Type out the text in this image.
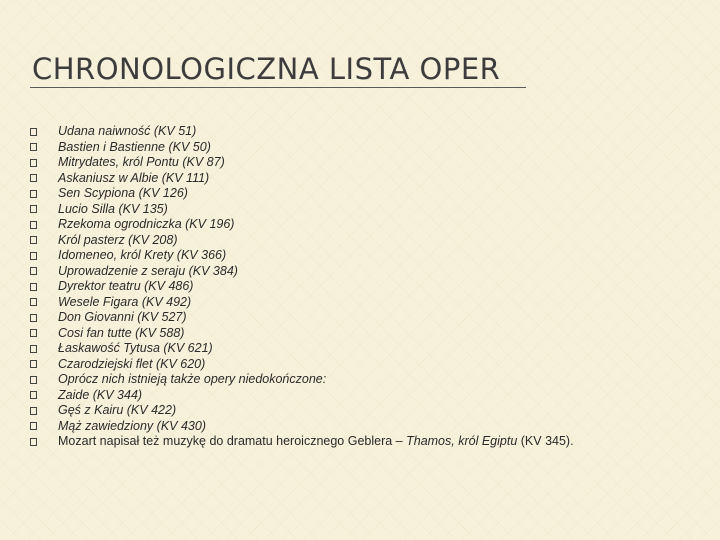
CHRONOLOGICZNA LISTA OPER
Udana naiwność (KV 51)
Bastien i Bastienne (KV 50)
Mitrydates, król Pontu (KV 87)
Askaniusz w Albie (KV 111)
Sen Scypiona (KV 126)
Lucio Silla (KV 135)
Rzekoma ogrodniczka (KV 196)
Król pasterz (KV 208)
Idomeneo, król Krety (KV 366)
Uprowadzenie z seraju (KV 384)
Dyrektor teatru (KV 486)
Wesele Figara (KV 492)
Don Giovanni (KV 527)
Cosi fan tutte (KV 588)
Łaskawość Tytusa (KV 621)
Czarodziejski flet (KV 620)
Oprócz nich istnieją także opery niedokończone:
Zaide (KV 344)
Gęś z Kairu (KV 422)
Mąż zawiedziony (KV 430)
Mozart napisał też muzykę do dramatu heroicznego Geblera – Thamos, król Egiptu (KV 345).
